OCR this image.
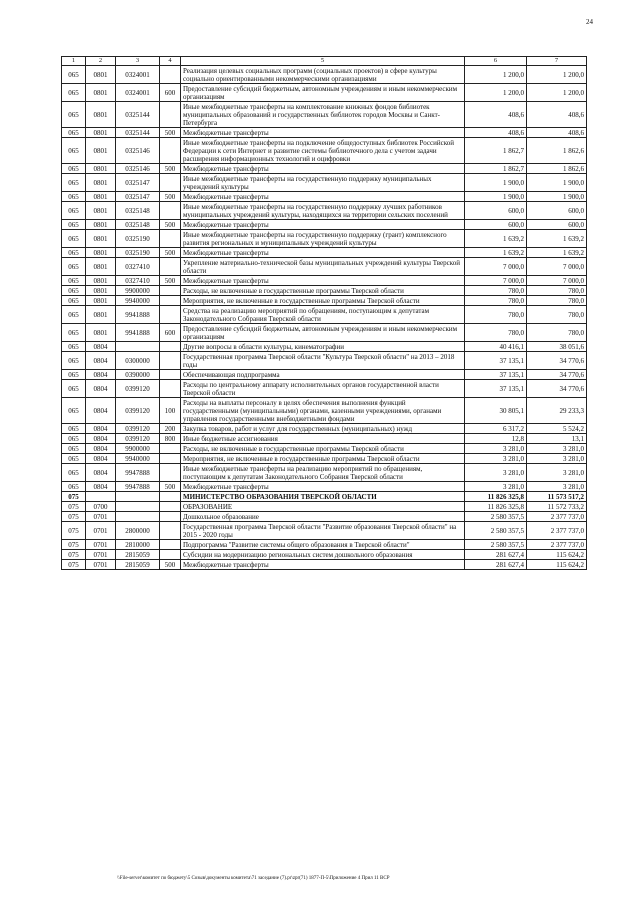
24
1	2	3	4	5	6	7
065	0801	0324001		Реализация целевых социальных программ (социальных проектов) в сфере культуры социально ориентированными некоммерческими организациями	1 200,0	1 200,0
065	0801	0324001	600	Предоставление субсидий бюджетным, автономным учреждениям и иным некоммерческим организациям	1 200,0	1 200,0
065	0801	0325144		Иные межбюджетные трансферты на комплектование книжных фондов библиотек муниципальных образований и государственных библиотек городов Москвы и Санкт-Петербурга	408,6	408,6
065	0801	0325144	500	Межбюджетные трансферты	408,6	408,6
065	0801	0325146		Иные межбюджетные трансферты на подключение общедоступных библиотек Российской Федерации к сети Интернет и развитие системы библиотечного дела с учетом задачи расширения информационных технологий и оцифровки	1 862,7	1 862,6
065	0801	0325146	500	Межбюджетные трансферты	1 862,7	1 862,6
065	0801	0325147		Иные межбюджетные трансферты на государственную поддержку муниципальных учреждений культуры	1 900,0	1 900,0
065	0801	0325147	500	Межбюджетные трансферты	1 900,0	1 900,0
065	0801	0325148		Иные межбюджетные трансферты на государственную поддержку лучших работников муниципальных учреждений культуры, находящихся на территории сельских поселений	600,0	600,0
065	0801	0325148	500	Межбюджетные трансферты	600,0	600,0
065	0801	0325190		Иные межбюджетные трансферты на государственную поддержку (грант) комплексного развития региональных и муниципальных учреждений культуры	1 639,2	1 639,2
065	0801	0325190	500	Межбюджетные трансферты	1 639,2	1 639,2
065	0801	0327410		Укрепление материально-технической базы муниципальных учреждений культуры Тверской области	7 000,0	7 000,0
065	0801	0327410	500	Межбюджетные трансферты	7 000,0	7 000,0
065	0801	9900000		Расходы, не включенные в государственные программы Тверской области	780,0	780,0
065	0801	9940000		Мероприятия, не включенные в государственные программы Тверской области	780,0	780,0
065	0801	9941888		Средства на реализацию мероприятий по обращениям, поступающим к депутатам Законодательного Собрания Тверской области	780,0	780,0
065	0801	9941888	600	Предоставление субсидий бюджетным, автономным учреждениям и иным некоммерческим организациям	780,0	780,0
065	0804			Другие вопросы в области культуры, кинематографии	40 416,1	38 051,6
065	0804	0300000		Государственная программа Тверской области "Культура Тверской области" на 2013 – 2018 годы	37 135,1	34 770,6
065	0804	0390000		Обеспечивающая подпрограмма	37 135,1	34 770,6
065	0804	0399120		Расходы по центральному аппарату исполнительных органов государственной власти Тверской области	37 135,1	34 770,6
065	0804	0399120	100	Расходы на выплаты персоналу в целях обеспечения выполнения функций государственными (муниципальными) органами, казенными учреждениями, органами управления государственными внебюджетными фондами	30 805,1	29 233,3
065	0804	0399120	200	Закупка товаров, работ и услуг для государственных (муниципальных) нужд	6 317,2	5 524,2
065	0804	0399120	800	Иные бюджетные ассигнования	12,8	13,1
065	0804	9900000		Расходы, не включенные в государственные программы Тверской области	3 281,0	3 281,0
065	0804	9940000		Мероприятия, не включенные в государственные программы Тверской области	3 281,0	3 281,0
065	0804	9947888		Иные межбюджетные трансферты на реализацию мероприятий по обращениям, поступающим к депутатам Законодательного Собрания Тверской области	3 281,0	3 281,0
065	0804	9947888	500	Межбюджетные трансферты	3 281,0	3 281,0
075				МИНИСТЕРСТВО ОБРАЗОВАНИЯ ТВЕРСКОЙ ОБЛАСТИ	11 826 325,8	11 573 517,2
075	0700			ОБРАЗОВАНИЕ	11 826 325,8	11 572 733,2
075	0701			Дошкольное образование	2 580 357,5	2 377 737,0
075	0701	2800000		Государственная программа Тверской области "Развитие образования Тверской области" на 2015 - 2020 годы	2 580 357,5	2 377 737,0
075	0701	2810000		Подпрограмма "Развитие системы общего образования в Тверской области"	2 580 357,5	2 377 737,0
075	0701	2815059		Субсидии на модернизацию региональных систем дошкольного образования	281 627,4	115 624,2
075	0701	2815059	500	Межбюджетные трансферты	281 627,4	115 624,2
\\File-server\комитет по бюджету\5 Созыв\документы комитета\71 заседание (7).pr\zpr(71) 1877-П-5\Приложение 4 Прил 11 ВСР
